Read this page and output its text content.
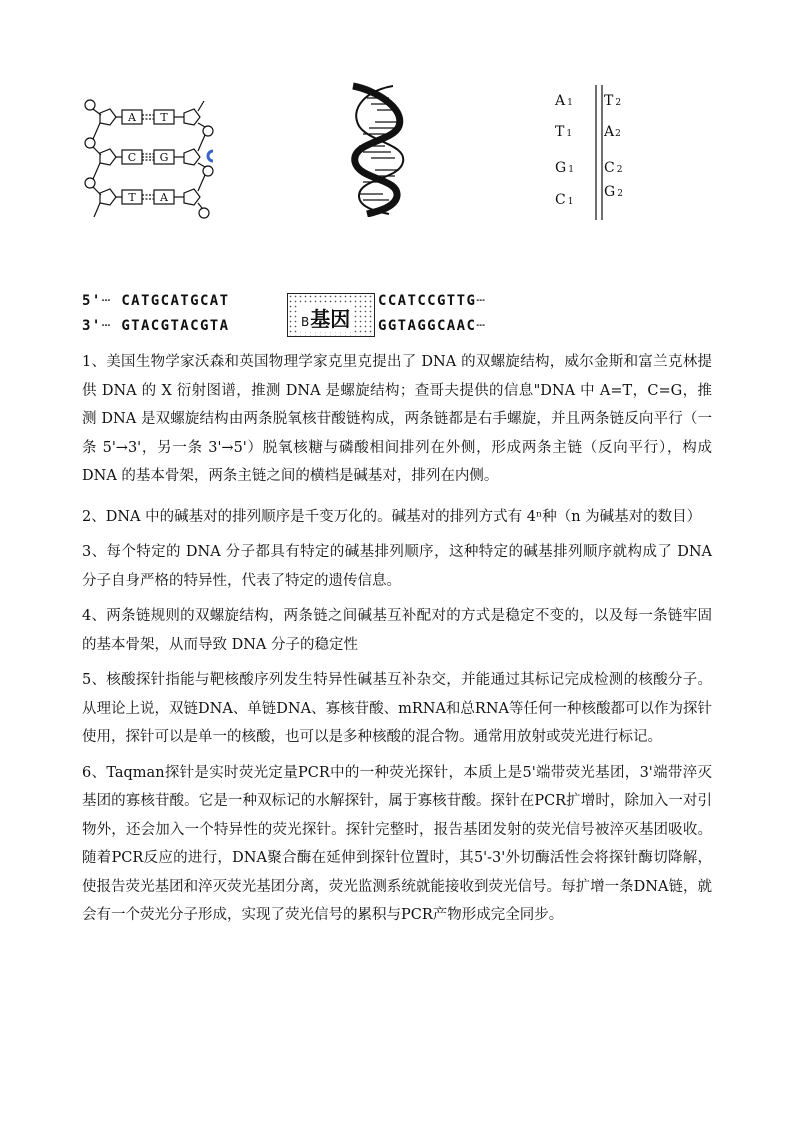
A T
C G
T A
A 1 T 2
T 1 A2
G 1 C 2
C 1
G 2
5'┄ CATGCATGCAT
3'┄ GTACGTACGTA	B基因
CCATCCGTTG┄
GGTAGGCAAC┄

1、美国生物学家沃森和英国物理学家克里克提出了 DNA 的双螺旋结构，威尔金斯和富兰克林提供 DNA 的 X 衍射图谱，推测 DNA 是螺旋结构；查哥夫提供的信息"DNA 中 A=T，C=G，推测 DNA 是双螺旋结构由两条脱氧核苷酸链构成，两条链都是右手螺旋，并且两条链反向平行（一条 5'→3'，另一条 3'→5'）脱氧核糖与磷酸相间排列在外侧，形成两条主链（反向平行），构成 DNA 的基本骨架，两条主链之间的横档是碱基对，排列在内侧。

2、DNA 中的碱基对的排列顺序是千变万化的。碱基对的排列方式有 4ⁿ种（n 为碱基对的数目）

3、每个特定的 DNA 分子都具有特定的碱基排列顺序，这种特定的碱基排列顺序就构成了 DNA 分子自身严格的特异性，代表了特定的遗传信息。

4、两条链规则的双螺旋结构，两条链之间碱基互补配对的方式是稳定不变的，以及每一条链牢固的基本骨架，从而导致 DNA 分子的稳定性

5、核酸探针指能与靶核酸序列发生特异性碱基互补杂交，并能通过其标记完成检测的核酸分子。从理论上说，双链DNA、单链DNA、寡核苷酸、mRNA和总RNA等任何一种核酸都可以作为探针使用，探针可以是单一的核酸，也可以是多种核酸的混合物。通常用放射或荧光进行标记。

6、Taqman探针是实时荧光定量PCR中的一种荧光探针，本质上是5'端带荧光基团，3'端带淬灭基团的寡核苷酸。它是一种双标记的水解探针，属于寡核苷酸。探针在PCR扩增时，除加入一对引物外，还会加入一个特异性的荧光探针。探针完整时，报告基团发射的荧光信号被淬灭基团吸收。随着PCR反应的进行，DNA聚合酶在延伸到探针位置时，其5'-3'外切酶活性会将探针酶切降解，使报告荧光基团和淬灭荧光基团分离，荧光监测系统就能接收到荧光信号。每扩增一条DNA链，就会有一个荧光分子形成，实现了荧光信号的累积与PCR产物形成完全同步。
